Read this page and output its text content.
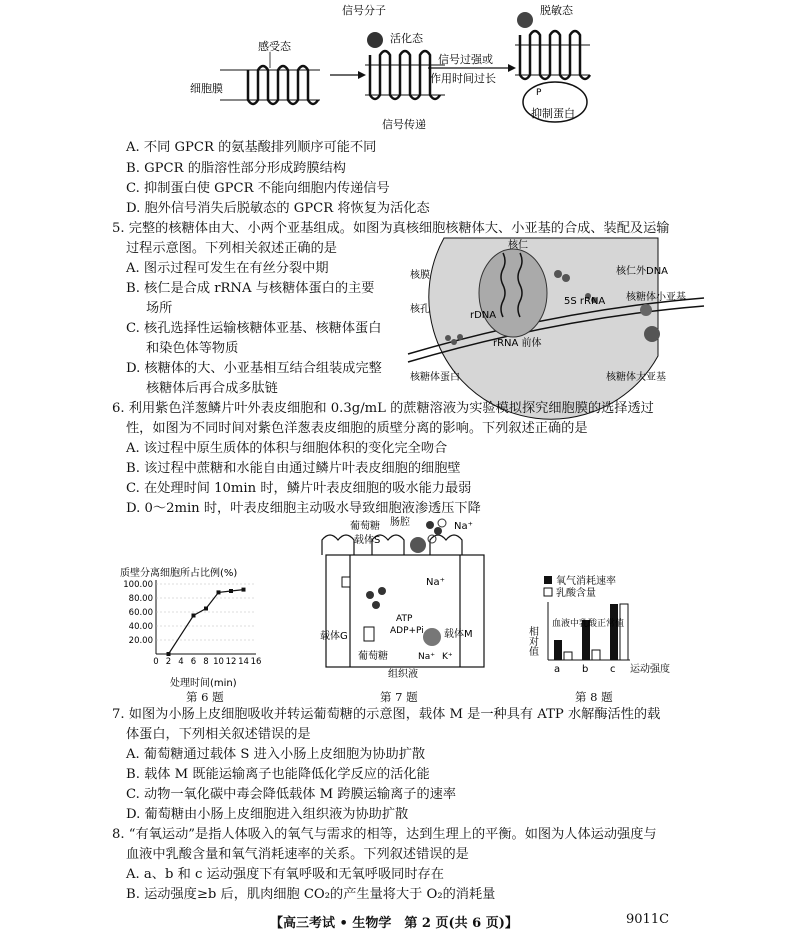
感受态
细胞膜
信号分子
活化态
信号传递
信号过强或
作用时间过长
脱敏态
P
抑制蛋白
A. 不同 GPCR 的氨基酸排列顺序可能不同
B. GPCR 的脂溶性部分形成跨膜结构
C. 抑制蛋白使 GPCR 不能向细胞内传递信号
D. 胞外信号消失后脱敏态的 GPCR 将恢复为活化态
5. 完整的核糖体由大、小两个亚基组成。如图为真核细胞核糖体大、小亚基的合成、装配及运输
过程示意图。下列相关叙述正确的是
A. 图示过程可发生在有丝分裂中期
B. 核仁是合成 rRNA 与核糖体蛋白的主要
场所
C. 核孔选择性运输核糖体亚基、核糖体蛋白
和染色体等物质
D. 核糖体的大、小亚基相互结合组装成完整
核糖体后再合成多肽链
核仁
核膜
核孔
rDNA
rRNA 前体
核仁外DNA
5S rRNA 核糖体小亚基
核糖体蛋白	核糖体大亚基
6. 利用紫色洋葱鳞片叶外表皮细胞和 0.3g/mL 的蔗糖溶液为实验模拟探究细胞膜的选择透过
性，如图为不同时间对紫色洋葱表皮细胞的质壁分离的影响。下列叙述正确的是
A. 该过程中原生质体的体积与细胞体积的变化完全吻合
B. 该过程中蔗糖和水能自由通过鳞片叶表皮细胞的细胞壁
C. 在处理时间 10min 时，鳞片叶表皮细胞的吸水能力最弱
D. 0～2min 时，叶表皮细胞主动吸水导致细胞液渗透压下降
质壁分离细胞所占比例(%)
20.00
40.00
60.00
80.00
100.00
0 2 4 6 8 10 12 14 16
处理时间(min)
肠腔
葡萄糖
载体S
Na⁺
Na⁺
ATP
ADP+Pi 载体M
载体G
葡萄糖	Na⁺ K⁺
组织液
氧气消耗速率
乳酸含量
相对值
血液中乳酸正常值
a b c 运动强度
第 6 题	第 7 题	第 8 题
7. 如图为小肠上皮细胞吸收并转运葡萄糖的示意图，载体 M 是一种具有 ATP 水解酶活性的载
体蛋白，下列相关叙述错误的是
A. 葡萄糖通过载体 S 进入小肠上皮细胞为协助扩散
B. 载体 M 既能运输离子也能降低化学反应的活化能
C. 动物一氧化碳中毒会降低载体 M 跨膜运输离子的速率
D. 葡萄糖由小肠上皮细胞进入组织液为协助扩散
8. “有氧运动”是指人体吸入的氧气与需求的相等，达到生理上的平衡。如图为人体运动强度与
血液中乳酸含量和氧气消耗速率的关系。下列叙述错误的是
A. a、b 和 c 运动强度下有氧呼吸和无氧呼吸同时存在
B. 运动强度≥b 后，肌肉细胞 CO₂的产生量将大于 O₂的消耗量
【高三考试 • 生物学　第 2 页(共 6 页)】	9011C
